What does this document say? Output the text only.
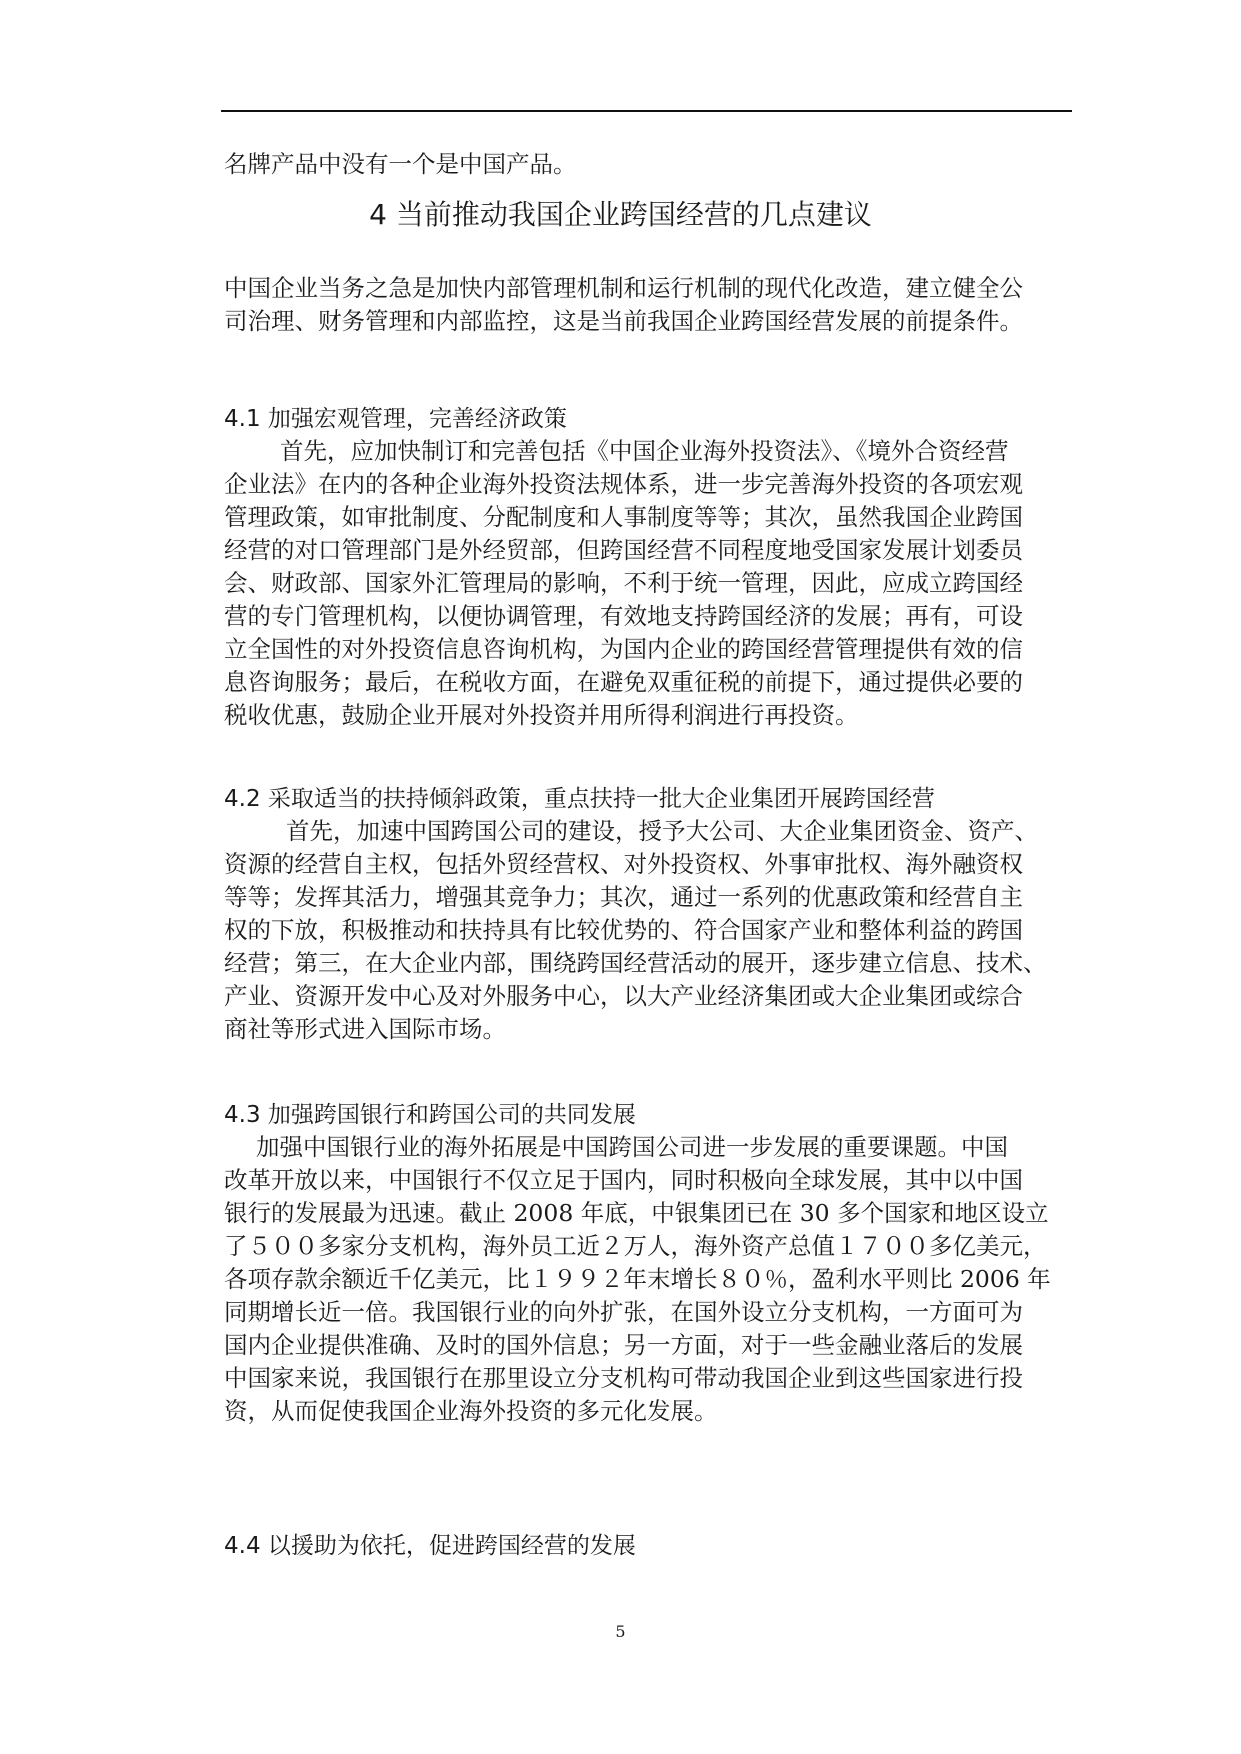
名牌产品中没有一个是中国产品。
4 当前推动我国企业跨国经营的几点建议
中国企业当务之急是加快内部管理机制和运行机制的现代化改造，建立健全公
司治理、财务管理和内部监控，这是当前我国企业跨国经营发展的前提条件。
4.1 加强宏观管理，完善经济政策
首先，应加快制订和完善包括《中国企业海外投资法》、《境外合资经营
企业法》在内的各种企业海外投资法规体系，进一步完善海外投资的各项宏观
管理政策，如审批制度、分配制度和人事制度等等；其次，虽然我国企业跨国
经营的对口管理部门是外经贸部，但跨国经营不同程度地受国家发展计划委员
会、财政部、国家外汇管理局的影响，不利于统一管理，因此，应成立跨国经
营的专门管理机构，以便协调管理，有效地支持跨国经济的发展；再有，可设
立全国性的对外投资信息咨询机构，为国内企业的跨国经营管理提供有效的信
息咨询服务；最后，在税收方面，在避免双重征税的前提下，通过提供必要的
税收优惠，鼓励企业开展对外投资并用所得利润进行再投资。
4.2 采取适当的扶持倾斜政策，重点扶持一批大企业集团开展跨国经营
首先，加速中国跨国公司的建设，授予大公司、大企业集团资金、资产、
资源的经营自主权，包括外贸经营权、对外投资权、外事审批权、海外融资权
等等；发挥其活力，增强其竞争力；其次，通过一系列的优惠政策和经营自主
权的下放，积极推动和扶持具有比较优势的、符合国家产业和整体利益的跨国
经营；第三，在大企业内部，围绕跨国经营活动的展开，逐步建立信息、技术、
产业、资源开发中心及对外服务中心，以大产业经济集团或大企业集团或综合
商社等形式进入国际市场。
4.3 加强跨国银行和跨国公司的共同发展
加强中国银行业的海外拓展是中国跨国公司进一步发展的重要课题。中国
改革开放以来，中国银行不仅立足于国内，同时积极向全球发展，其中以中国
银行的发展最为迅速。截止 2008 年底，中银集团已在 30 多个国家和地区设立
了５００多家分支机构，海外员工近２万人，海外资产总值１７００多亿美元，
各项存款余额近千亿美元，比１９９２年末增长８０％，盈利水平则比 2006 年
同期增长近一倍。我国银行业的向外扩张，在国外设立分支机构，一方面可为
国内企业提供准确、及时的国外信息；另一方面，对于一些金融业落后的发展
中国家来说，我国银行在那里设立分支机构可带动我国企业到这些国家进行投
资，从而促使我国企业海外投资的多元化发展。
4.4 以援助为依托，促进跨国经营的发展
5
